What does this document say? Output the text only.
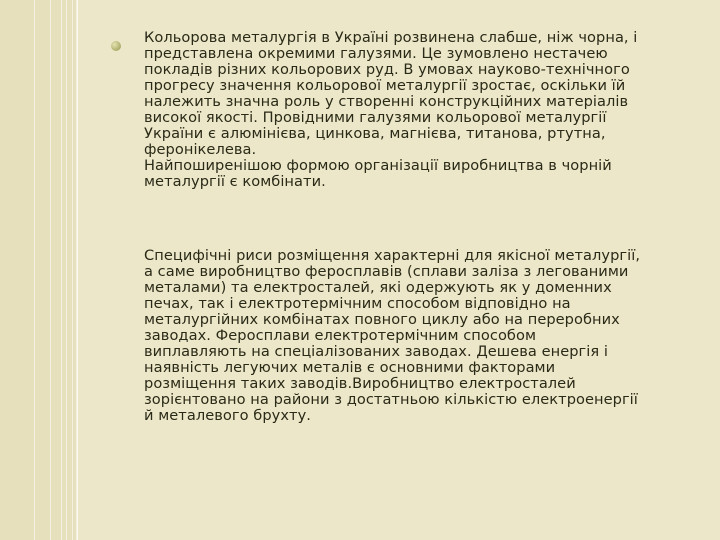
Кольорова металургія в Україні розвинена слабше, ніж чорна, і
представлена окремими галузями. Це зумовлено нестачею
покладів різних кольорових руд. В умовах науково-технічного
прогресу значення кольорової металургії зростає, оскільки їй
належить значна роль у створенні конструкційних матеріалів
високої якості. Провідними галузями кольорової металургії
України є алюмінієва, цинкова, магнієва, титанова, ртутна,
феронікелева.
Найпоширенішою формою організації виробництва в чорній
металургії є комбінати.

Специфічні риси розміщення характерні для якісної металургії,
а саме виробництво феросплавів (сплави заліза з легованими
металами) та електросталей, які одержують як у доменних
печах, так і електротермічним способом відповідно на
металургійних комбінатах повного циклу або на переробних
заводах. Феросплави електротермічним способом
виплавляють на спеціалізованих заводах. Дешева енергія і
наявність легуючих металів є основними факторами
розміщення таких заводів.Виробництво електросталей
зорієнтовано на райони з достатньою кількістю електроенергії
й металевого брухту.
